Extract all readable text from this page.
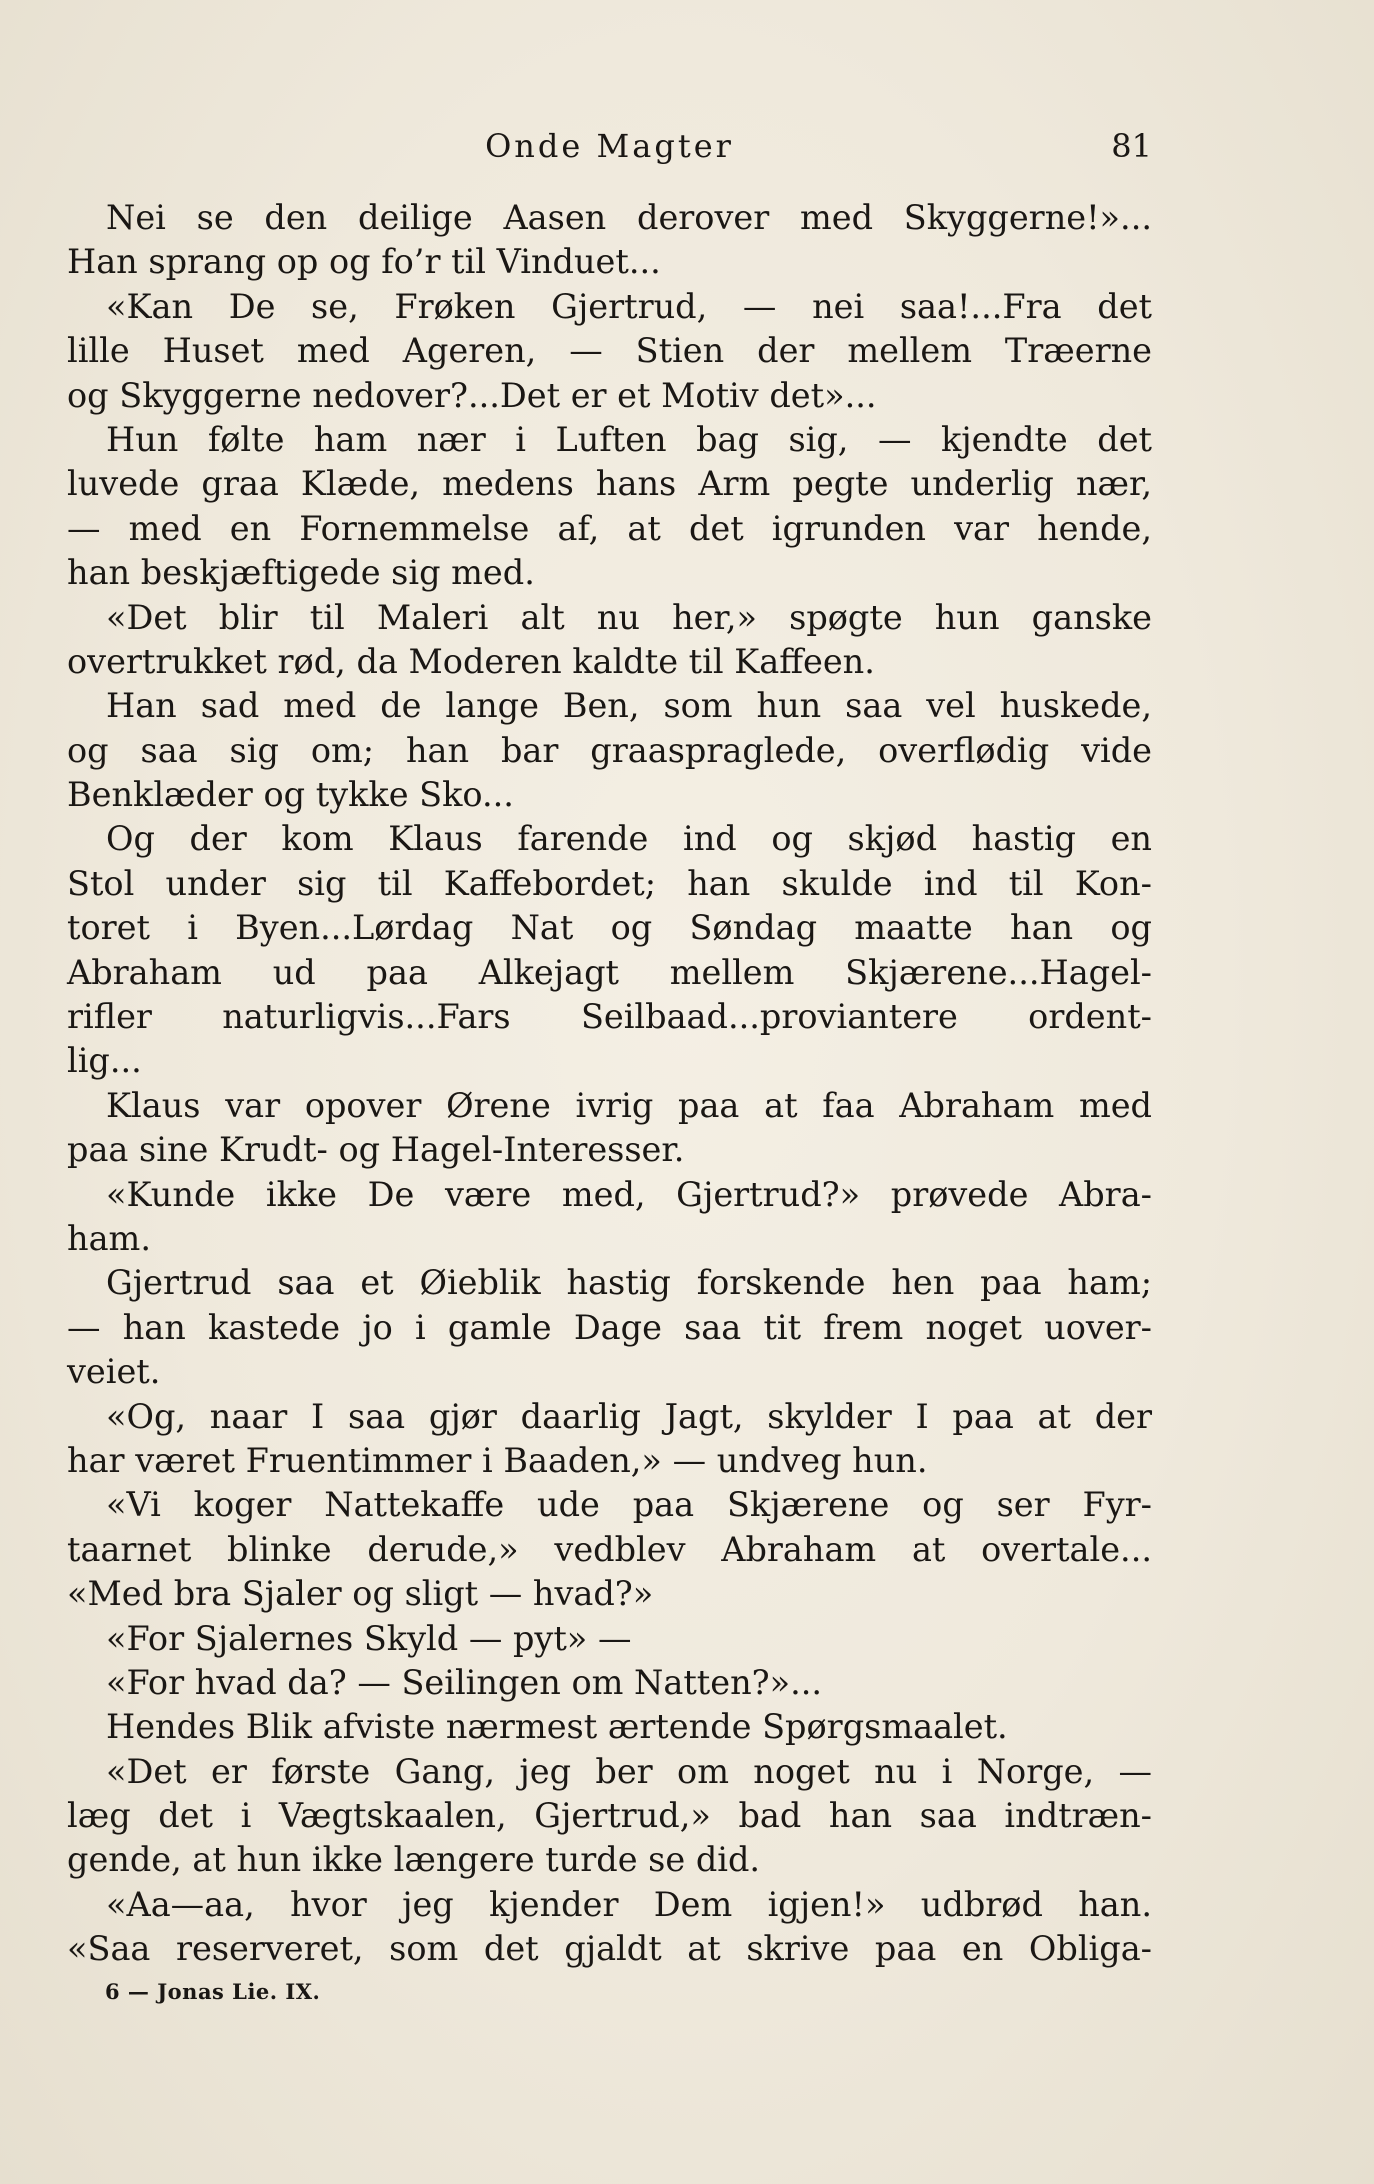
Onde Magter	81
Nei se den deilige Aasen derover med Skyggerne!»...
Han sprang op og fo’r til Vinduet...
«Kan De se, Frøken Gjertrud, — nei saa!...Fra det
lille Huset med Ageren, — Stien der mellem Træerne
og Skyggerne nedover?...Det er et Motiv det»...
Hun følte ham nær i Luften bag sig, — kjendte det
luvede graa Klæde, medens hans Arm pegte underlig nær,
— med en Fornemmelse af, at det igrunden var hende,
han beskjæftigede sig med.
«Det blir til Maleri alt nu her,» spøgte hun ganske
overtrukket rød, da Moderen kaldte til Kaffeen.
Han sad med de lange Ben, som hun saa vel huskede,
og saa sig om; han bar graaspraglede, overflødig vide
Benklæder og tykke Sko...
Og der kom Klaus farende ind og skjød hastig en
Stol under sig til Kaffebordet; han skulde ind til Kon-
toret i Byen...Lørdag Nat og Søndag maatte han og
Abraham ud paa Alkejagt mellem Skjærene...Hagel-
rifler naturligvis...Fars Seilbaad...proviantere ordent-
lig...
Klaus var opover Ørene ivrig paa at faa Abraham med
paa sine Krudt- og Hagel-Interesser.
«Kunde ikke De være med, Gjertrud?» prøvede Abra-
ham.
Gjertrud saa et Øieblik hastig forskende hen paa ham;
— han kastede jo i gamle Dage saa tit frem noget uover-
veiet.
«Og, naar I saa gjør daarlig Jagt, skylder I paa at der
har været Fruentimmer i Baaden,» — undveg hun.
«Vi koger Nattekaffe ude paa Skjærene og ser Fyr-
taarnet blinke derude,» vedblev Abraham at overtale...
«Med bra Sjaler og sligt — hvad?»
«For Sjalernes Skyld — pyt» —
«For hvad da? — Seilingen om Natten?»...
Hendes Blik afviste nærmest ærtende Spørgsmaalet.
«Det er første Gang, jeg ber om noget nu i Norge, —
læg det i Vægtskaalen, Gjertrud,» bad han saa indtræn-
gende, at hun ikke længere turde se did.
«Aa—aa, hvor jeg kjender Dem igjen!» udbrød han.
«Saa reserveret, som det gjaldt at skrive paa en Obliga-
6 — Jonas Lie. IX.
